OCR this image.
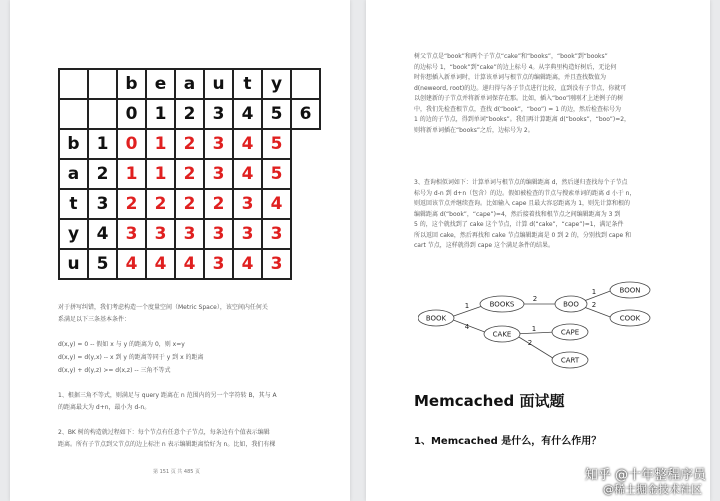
		b	e	a	u	t	y	
		0	1	2	3	4	5	6
b	1	0	1	2	3	4	5	
a	2	1	1	2	3	4	5	
t	3	2	2	2	2	3	4	
y	4	3	3	3	3	3	3	
u	5	4	4	4	3	4	3	
对于拼写纠错，我们考虑构造一个度量空间（Metric Space），该空间内任何关
系满足以下三条基本条件：
d(x,y) = 0 -- 假如 x 与 y 的距离为 0，则 x=y
d(x,y) = d(y,x) -- x 到 y 的距离等同于 y 到 x 的距离
d(x,y) + d(y,z) >= d(x,z) -- 三角不等式
1、根据三角不等式，则满足与 query 距离在 n 范围内的另一个字符转 B，其与 A
的距离最大为 d+n，最小为 d-n。
2、BK 树的构造就过程如下：每个节点有任意个子节点，每条边有个值表示编辑
距离。所有子节点到父节点的边上标注 n 表示编辑距离恰好为 n。比如，我们有棵
第 151 页 共 485 页
树父节点是“book”和两个子节点“cake”和“books”，“book”到“books”
的边标号 1，“book”到“cake”的边上标号 4。从字典里构造好树后，无论何
时你想插入新单词时，计算该单词与根节点的编辑距离，并且查找数值为
d(neweord, root)的边。递归得与各子节点进行比较，直到没有子节点，你就可
以创建新的子节点并将新单词保存在那。比如，插入“boo”刚刚才上述例子的树
中，我们先检查根节点，查找 d(“book”，“boo”) = 1 的边，然后检查标号为
1 的边的子节点，得到单词“books”。我们再计算距离 d(“books”，“boo”)=2，
则将新单词插在“books”之后，边标号为 2。
3、查询相似词如下：计算单词与根节点的编辑距离 d，然后递归查找每个子节点
标号为 d-n 到 d+n（包含）的边。假如被检查的节点与搜索单词的距离 d 小于 n，
则返回该节点并继续查询。比如输入 cape 且最大容忍距离为 1，则先计算和根的
编辑距离 d(“book”，“cape”)=4，然后接着找和根节点之间编辑距离为 3 到
5 的，这个就找到了 cake 这个节点，计算 d(“cake”，“cape”)=1，满足条件
所以返回 cake，然后再找和 cake 节点编辑距离是 0 到 2 的，分别找到 cape 和
cart 节点，这样就得到 cape 这个满足条件的结果。
BOOK
BOOKS	BOO
BOON
COOK
CAKE	CAPE
CART
1
4
2
1
2
1
2
Memcached 面试题
1、Memcached 是什么，有什么作用？
知乎 @十年整程序员
@稀土掘金技术社区
